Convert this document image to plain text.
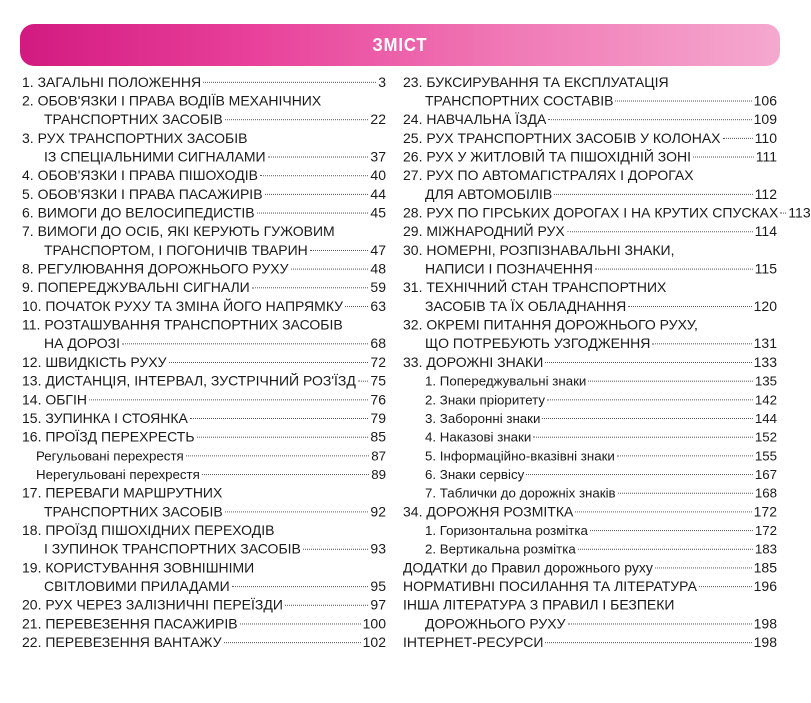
ЗМІСТ
1. ЗАГАЛЬНІ ПОЛОЖЕННЯ	3
2. ОБОВ'ЯЗКИ І ПРАВА ВОДІЇВ МЕХАНІЧНИХ
ТРАНСПОРТНИХ ЗАСОБІВ	22
3. РУХ ТРАНСПОРТНИХ ЗАСОБІВ
ІЗ СПЕЦІАЛЬНИМИ СИГНАЛАМИ	37
4. ОБОВ'ЯЗКИ І ПРАВА ПІШОХОДІВ	40
5. ОБОВ'ЯЗКИ І ПРАВА ПАСАЖИРІВ	44
6. ВИМОГИ ДО ВЕЛОСИПЕДИСТІВ	45
7. ВИМОГИ ДО ОСІБ, ЯКІ КЕРУЮТЬ ГУЖОВИМ
ТРАНСПОРТОМ, І ПОГОНИЧІВ ТВАРИН	47
8. РЕГУЛЮВАННЯ ДОРОЖНЬОГО РУХУ	48
9. ПОПЕРЕДЖУВАЛЬНІ СИГНАЛИ	59
10. ПОЧАТОК РУХУ ТА ЗМІНА ЙОГО НАПРЯМКУ 63
11. РОЗТАШУВАННЯ ТРАНСПОРТНИХ ЗАСОБІВ
НА ДОРОЗІ	68
12. ШВИДКІСТЬ РУХУ	72
13. ДИСТАНЦІЯ, ІНТЕРВАЛ, ЗУСТРІЧНИЙ РОЗ'ЇЗД 75
14. ОБГІН	76
15. ЗУПИНКА І СТОЯНКА	79
16. ПРОЇЗД ПЕРЕХРЕСТЬ	85
Регульовані перехрестя	87
Нерегульовані перехрестя	89
17. ПЕРЕВАГИ МАРШРУТНИХ
ТРАНСПОРТНИХ ЗАСОБІВ	92
18. ПРОЇЗД ПІШОХІДНИХ ПЕРЕХОДІВ
І ЗУПИНОК ТРАНСПОРТНИХ ЗАСОБІВ	93
19. КОРИСТУВАННЯ ЗОВНІШНІМИ
СВІТЛОВИМИ ПРИЛАДАМИ	95
20. РУХ ЧЕРЕЗ ЗАЛІЗНИЧНІ ПЕРЕЇЗДИ	97
21. ПЕРЕВЕЗЕННЯ ПАСАЖИРІВ	100
22. ПЕРЕВЕЗЕННЯ ВАНТАЖУ	102
23. БУКСИРУВАННЯ ТА ЕКСПЛУАТАЦІЯ
ТРАНСПОРТНИХ СОСТАВІВ	106
24. НАВЧАЛЬНА ЇЗДА	109
25. РУХ ТРАНСПОРТНИХ ЗАСОБІВ У КОЛОНАХ 110
26. РУХ У ЖИТЛОВІЙ ТА ПІШОХІДНІЙ ЗОНІ	111
27. РУХ ПО АВТОМАГІСТРАЛЯХ І ДОРОГАХ
ДЛЯ АВТОМОБІЛІВ	112
28. РУХ ПО ГІРСЬКИХ ДОРОГАХ І НА КРУТИХ СПУСКАХ 113
29. МІЖНАРОДНИЙ РУХ	114
30. НОМЕРНІ, РОЗПІЗНАВАЛЬНІ ЗНАКИ,
НАПИСИ І ПОЗНАЧЕННЯ	115
31. ТЕХНІЧНИЙ СТАН ТРАНСПОРТНИХ
ЗАСОБІВ ТА ЇХ ОБЛАДНАННЯ	120
32. ОКРЕМІ ПИТАННЯ ДОРОЖНЬОГО РУХУ,
ЩО ПОТРЕБУЮТЬ УЗГОДЖЕННЯ	131
33. ДОРОЖНІ ЗНАКИ	133
1. Попереджувальні знаки	135
2. Знаки пріоритету	142
3. Заборонні знаки	144
4. Наказові знаки	152
5. Інформаційно-вказівні знаки	155
6. Знаки сервісу	167
7. Таблички до дорожніх знаків	168
34. ДОРОЖНЯ РОЗМІТКА	172
1. Горизонтальна розмітка	172
2. Вертикальна розмітка	183
ДОДАТКИ до Правил дорожнього руху	185
НОРМАТИВНІ ПОСИЛАННЯ ТА ЛІТЕРАТУРА	196
ІНША ЛІТЕРАТУРА З ПРАВИЛ І БЕЗПЕКИ
ДОРОЖНЬОГО РУХУ	198
ІНТЕРНЕТ-РЕСУРСИ	198
